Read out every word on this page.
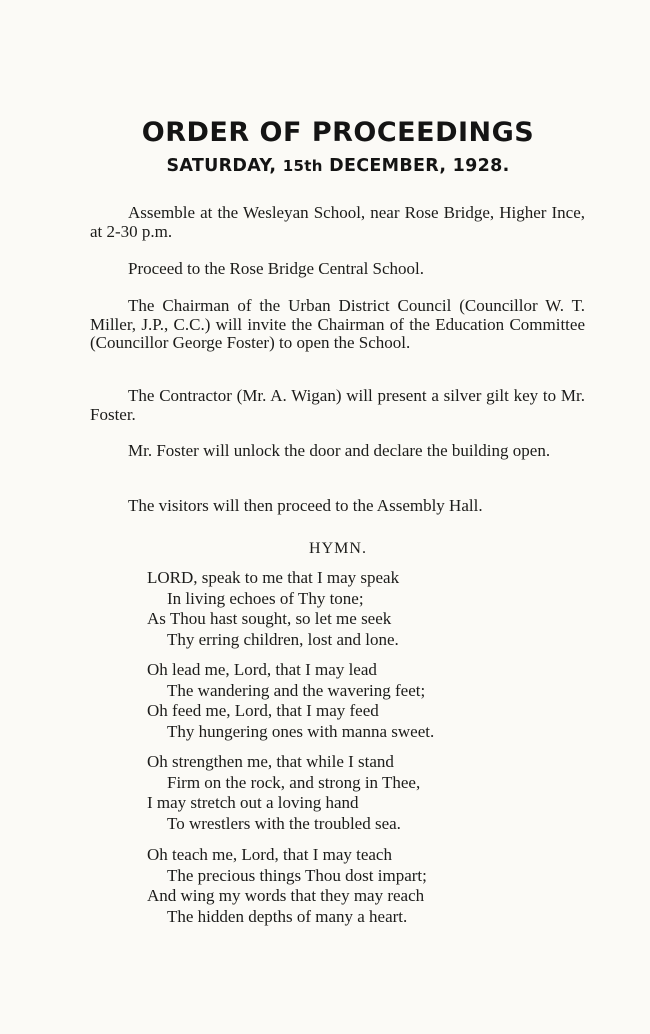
ORDER OF PROCEEDINGS
SATURDAY, 15th DECEMBER, 1928.

Assemble at the Wesleyan School, near Rose Bridge, Higher Ince, at 2-30 p.m.

Proceed to the Rose Bridge Central School.

The Chairman of the Urban District Council (Councillor W. T. Miller, J.P., C.C.) will invite the Chairman of the Education Committee (Councillor George Foster) to open the School.

The Contractor (Mr. A. Wigan) will present a silver gilt key to Mr. Foster.

Mr. Foster will unlock the door and declare the building open.

The visitors will then proceed to the Assembly Hall.

HYMN.
LORD, speak to me that I may speak
In living echoes of Thy tone;
As Thou hast sought, so let me seek
Thy erring children, lost and lone.
Oh lead me, Lord, that I may lead
The wandering and the wavering feet;
Oh feed me, Lord, that I may feed
Thy hungering ones with manna sweet.
Oh strengthen me, that while I stand
Firm on the rock, and strong in Thee,
I may stretch out a loving hand
To wrestlers with the troubled sea.
Oh teach me, Lord, that I may teach
The precious things Thou dost impart;
And wing my words that they may reach
The hidden depths of many a heart.
